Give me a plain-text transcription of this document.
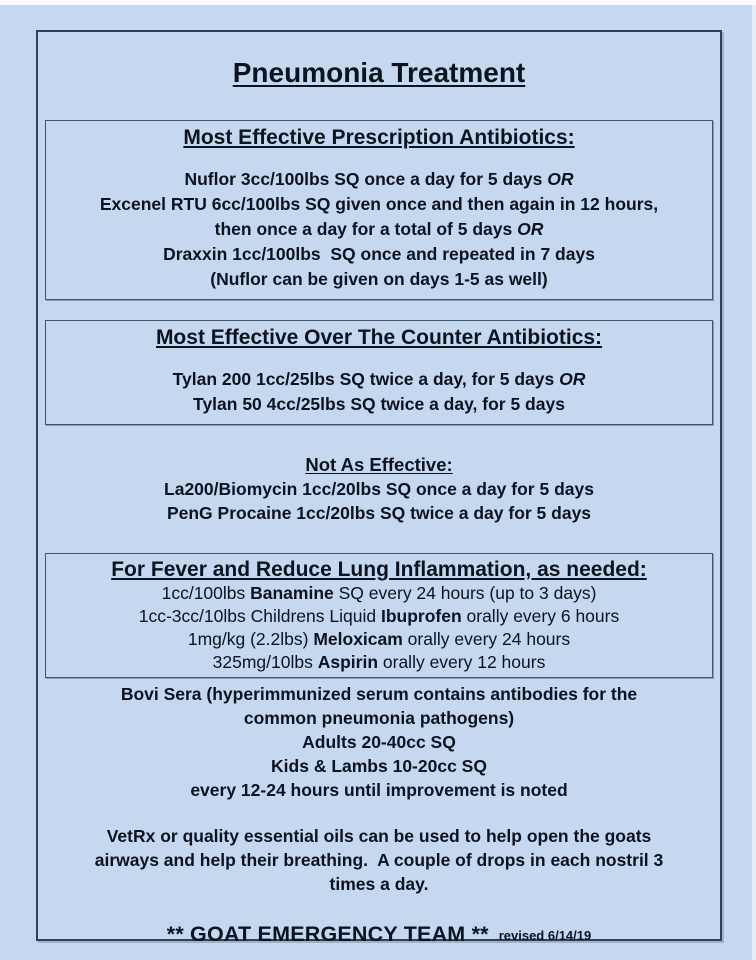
Pneumonia Treatment
Most Effective Prescription Antibiotics:
Nuflor 3cc/100lbs SQ once a day for 5 days OR
Excenel RTU 6cc/100lbs SQ given once and then again in 12 hours,
then once a day for a total of 5 days OR
Draxxin 1cc/100lbs  SQ once and repeated in 7 days
(Nuflor can be given on days 1-5 as well)
Most Effective Over The Counter Antibiotics:
Tylan 200 1cc/25lbs SQ twice a day, for 5 days OR
Tylan 50 4cc/25lbs SQ twice a day, for 5 days
Not As Effective:
La200/Biomycin 1cc/20lbs SQ once a day for 5 days
PenG Procaine 1cc/20lbs SQ twice a day for 5 days
For Fever and Reduce Lung Inflammation, as needed:
1cc/100lbs Banamine SQ every 24 hours (up to 3 days)
1cc-3cc/10lbs Childrens Liquid Ibuprofen orally every 6 hours
1mg/kg (2.2lbs) Meloxicam orally every 24 hours
325mg/10lbs Aspirin orally every 12 hours
Bovi Sera (hyperimmunized serum contains antibodies for the
common pneumonia pathogens)
Adults 20-40cc SQ
Kids & Lambs 10-20cc SQ
every 12-24 hours until improvement is noted
VetRx or quality essential oils can be used to help open the goats
airways and help their breathing.  A couple of drops in each nostril 3
times a day.
** GOAT EMERGENCY TEAM ** revised 6/14/19
